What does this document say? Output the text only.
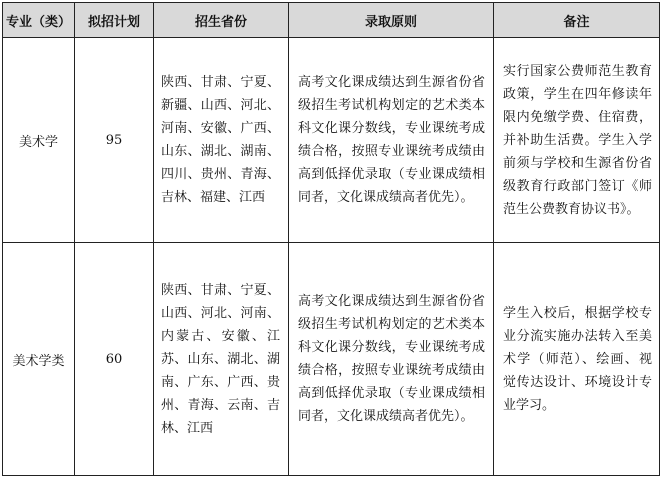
专业（类）	拟招计划	招生省份	录取原则	备注
美术学	95	陕西、甘肃、宁夏、新疆、山西、河北、河南、安徽、广西、山东、湖北、湖南、四川、贵州、青海、吉林、福建、江西	高考文化课成绩达到生源省份省级招生考试机构划定的艺术类本科文化课分数线，专业课统考成绩合格，按照专业课统考成绩由高到低择优录取（专业课成绩相同者，文化课成绩高者优先）。	实行国家公费师范生教育政策，学生在四年修读年限内免缴学费、住宿费，并补助生活费。学生入学前须与学校和生源省份省级教育行政部门签订《师范生公费教育协议书》。

美术学类	60	陕西、甘肃、宁夏、山西、河北、河南、内蒙古、安徽、江苏、山东、湖北、湖南、广东、广西、贵州、青海、云南、吉林、江西	高考文化课成绩达到生源省份省级招生考试机构划定的艺术类本科文化课分数线，专业课统考成绩合格，按照专业课统考成绩由高到低择优录取（专业课成绩相同者，文化课成绩高者优先）。	学生入校后，根据学校专业分流实施办法转入至美术学（师范）、绘画、视觉传达设计、环境设计专业学习。
